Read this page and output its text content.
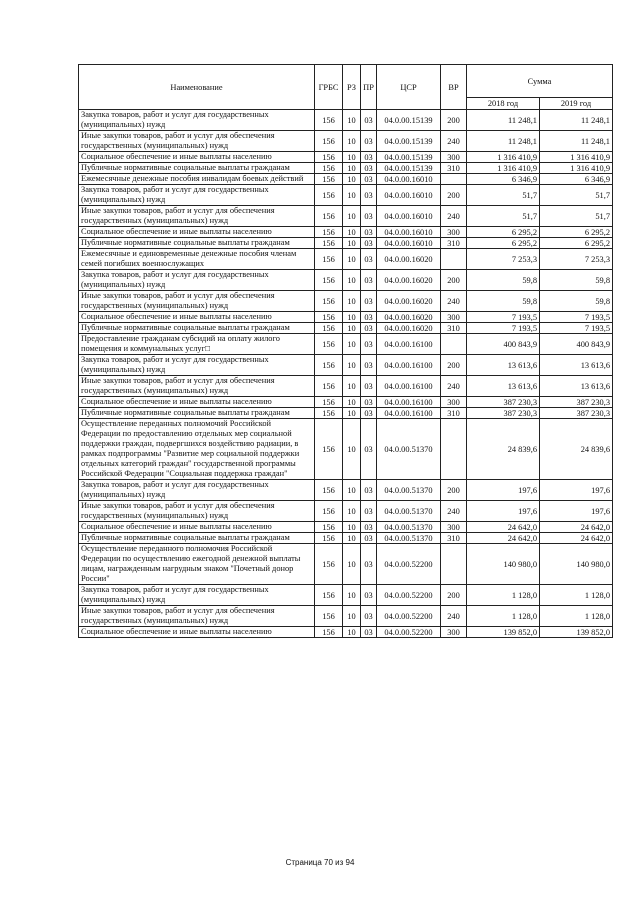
Наименование	ГРБС	РЗ	ПР	ЦСР	ВР	Сумма	
						2018 год	2019 год
Закупка товаров, работ и услуг для государственных (муниципальных) нужд	156	10	03	04.0.00.15139	200	11 248,1	11 248,1
Иные закупки товаров, работ и услуг для обеспечения государственных (муниципальных) нужд	156	10	03	04.0.00.15139	240	11 248,1	11 248,1
Социальное обеспечение и иные выплаты населению	156	10	03	04.0.00.15139	300	1 316 410,9	1 316 410,9
Публичные нормативные социальные выплаты гражданам	156	10	03	04.0.00.15139	310	1 316 410,9	1 316 410,9
Ежемесячные денежные пособия инвалидам боевых действий	156	10	03	04.0.00.16010		6 346,9	6 346,9
Закупка товаров, работ и услуг для государственных (муниципальных) нужд	156	10	03	04.0.00.16010	200	51,7	51,7
Иные закупки товаров, работ и услуг для обеспечения государственных (муниципальных) нужд	156	10	03	04.0.00.16010	240	51,7	51,7
Социальное обеспечение и иные выплаты населению	156	10	03	04.0.00.16010	300	6 295,2	6 295,2
Публичные нормативные социальные выплаты гражданам	156	10	03	04.0.00.16010	310	6 295,2	6 295,2
Ежемесячные и единовременные денежные пособия членам семей погибших военнослужащих	156	10	03	04.0.00.16020		7 253,3	7 253,3
Закупка товаров, работ и услуг для государственных (муниципальных) нужд	156	10	03	04.0.00.16020	200	59,8	59,8
Иные закупки товаров, работ и услуг для обеспечения государственных (муниципальных) нужд	156	10	03	04.0.00.16020	240	59,8	59,8
Социальное обеспечение и иные выплаты населению	156	10	03	04.0.00.16020	300	7 193,5	7 193,5
Публичные нормативные социальные выплаты гражданам	156	10	03	04.0.00.16020	310	7 193,5	7 193,5
Предоставление гражданам субсидий на оплату жилого помещения и коммунальных услуг□	156	10	03	04.0.00.16100		400 843,9	400 843,9
Закупка товаров, работ и услуг для государственных (муниципальных) нужд	156	10	03	04.0.00.16100	200	13 613,6	13 613,6
Иные закупки товаров, работ и услуг для обеспечения государственных (муниципальных) нужд	156	10	03	04.0.00.16100	240	13 613,6	13 613,6
Социальное обеспечение и иные выплаты населению	156	10	03	04.0.00.16100	300	387 230,3	387 230,3
Публичные нормативные социальные выплаты гражданам	156	10	03	04.0.00.16100	310	387 230,3	387 230,3
Осуществление переданных полномочий Российской Федерации по предоставлению отдельных мер социальной поддержки граждан, подвергшихся воздействию радиации, в рамках подпрограммы "Развитие мер социальной поддержки отдельных категорий граждан" государственной программы Российской Федерации "Социальная поддержка граждан"	156	10	03	04.0.00.51370		24 839,6	24 839,6
Закупка товаров, работ и услуг для государственных (муниципальных) нужд	156	10	03	04.0.00.51370	200	197,6	197,6
Иные закупки товаров, работ и услуг для обеспечения государственных (муниципальных) нужд	156	10	03	04.0.00.51370	240	197,6	197,6
Социальное обеспечение и иные выплаты населению	156	10	03	04.0.00.51370	300	24 642,0	24 642,0
Публичные нормативные социальные выплаты гражданам	156	10	03	04.0.00.51370	310	24 642,0	24 642,0
Осуществление переданного полномочия Российской Федерации по осуществлению ежегодной денежной выплаты лицам, награжденным нагрудным знаком "Почетный донор России"	156	10	03	04.0.00.52200		140 980,0	140 980,0
Закупка товаров, работ и услуг для государственных (муниципальных) нужд	156	10	03	04.0.00.52200	200	1 128,0	1 128,0
Иные закупки товаров, работ и услуг для обеспечения государственных (муниципальных) нужд	156	10	03	04.0.00.52200	240	1 128,0	1 128,0
Социальное обеспечение и иные выплаты населению	156	10	03	04.0.00.52200	300	139 852,0	139 852,0
Страница 70 из 94
